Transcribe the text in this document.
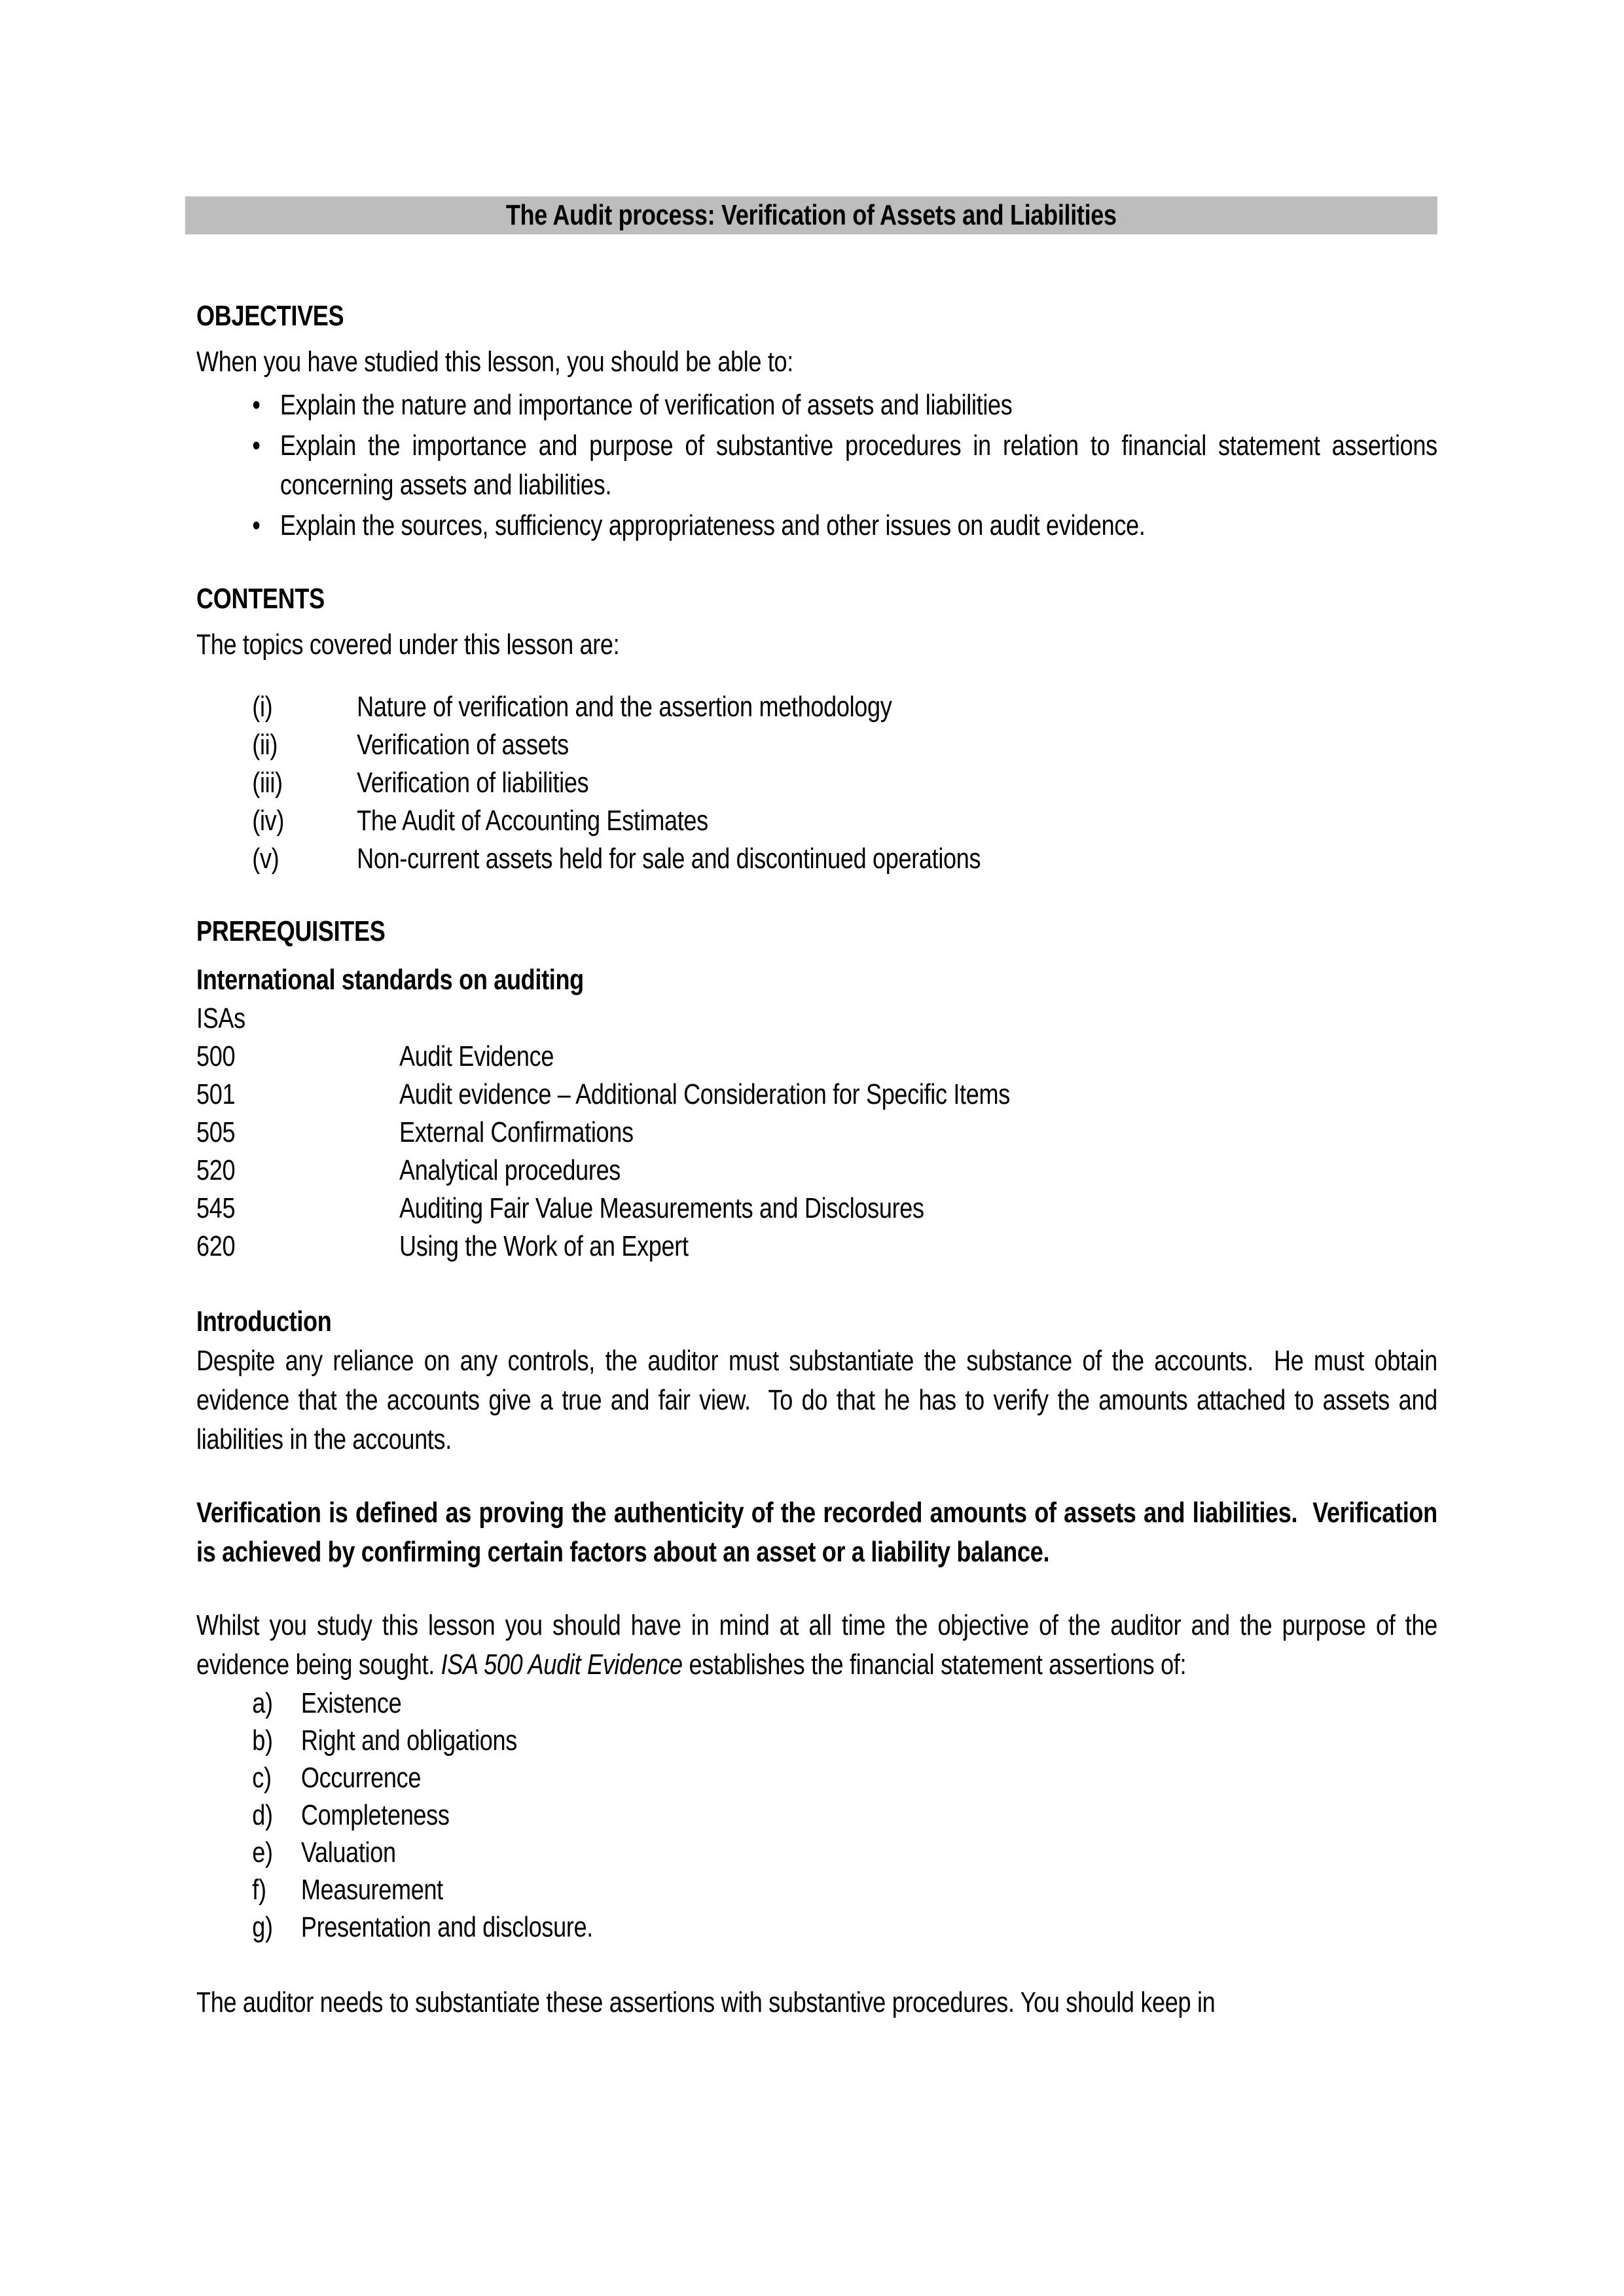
The Audit process: Verification of Assets and Liabilities

OBJECTIVES

When you have studied this lesson, you should be able to:

• Explain the nature and importance of verification of assets and liabilities
• Explain the importance and purpose of substantive procedures in relation to financial statement assertions concerning assets and liabilities.
• Explain the sources, sufficiency appropriateness and other issues on audit evidence.

CONTENTS

The topics covered under this lesson are:

(i)	Nature of verification and the assertion methodology
(ii)	Verification of assets
(iii)	Verification of liabilities
(iv)	The Audit of Accounting Estimates
(v)	Non-current assets held for sale and discontinued operations

PREREQUISITES

International standards on auditing

ISAs

500	Audit Evidence
501	Audit evidence – Additional Consideration for Specific Items
505	External Confirmations
520	Analytical procedures
545	Auditing Fair Value Measurements and Disclosures
620	Using the Work of an Expert

Introduction

Despite any reliance on any controls, the auditor must substantiate the substance of the accounts.  He must obtain evidence that the accounts give a true and fair view.  To do that he has to verify the amounts attached to assets and liabilities in the accounts.

Verification is defined as proving the authenticity of the recorded amounts of assets and liabilities.  Verification is achieved by confirming certain factors about an asset or a liability balance.

Whilst you study this lesson you should have in mind at all time the objective of the auditor and the purpose of the evidence being sought. ISA 500 Audit Evidence establishes the financial statement assertions of:

a) Existence
b) Right and obligations
c)	Occurrence
d) Completeness
e) Valuation
f)	Measurement
g) Presentation and disclosure.

The auditor needs to substantiate these assertions with substantive procedures. You should keep in
